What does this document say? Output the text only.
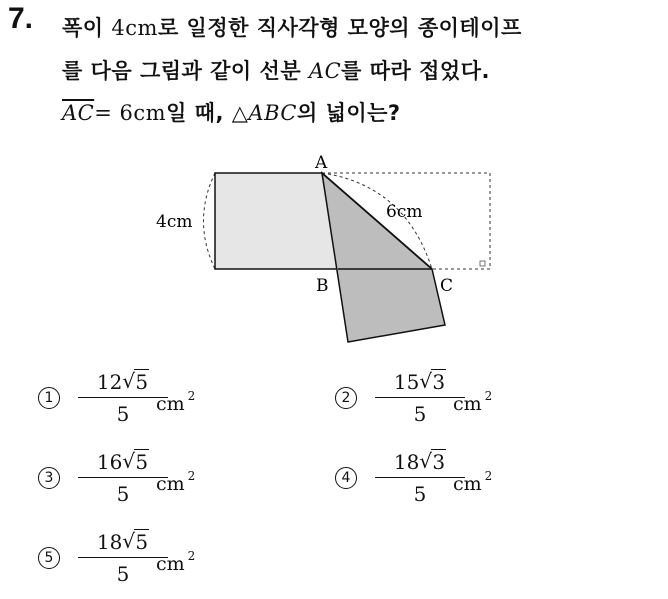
7. 폭이 4cm로 일정한 직사각형 모양의 종이테이프
를 다음 그림과 같이 선분 AC를 따라 접었다.
$\overline{AC}= 6cm$일 때, △ABC의 넓이는?
A
B	C
4cm	6cm
1	$\frac{12 √ 5}{5}$
cm $^2$	2	$\frac{15 √ 3}{5}$
cm $^2$
3	$\frac{16 √ 5}{5}$
cm $^2$	4	$\frac{18 √ 3}{5}$
cm $^2$
5	$\frac{18 √ 5}{5}$
cm $^2$
